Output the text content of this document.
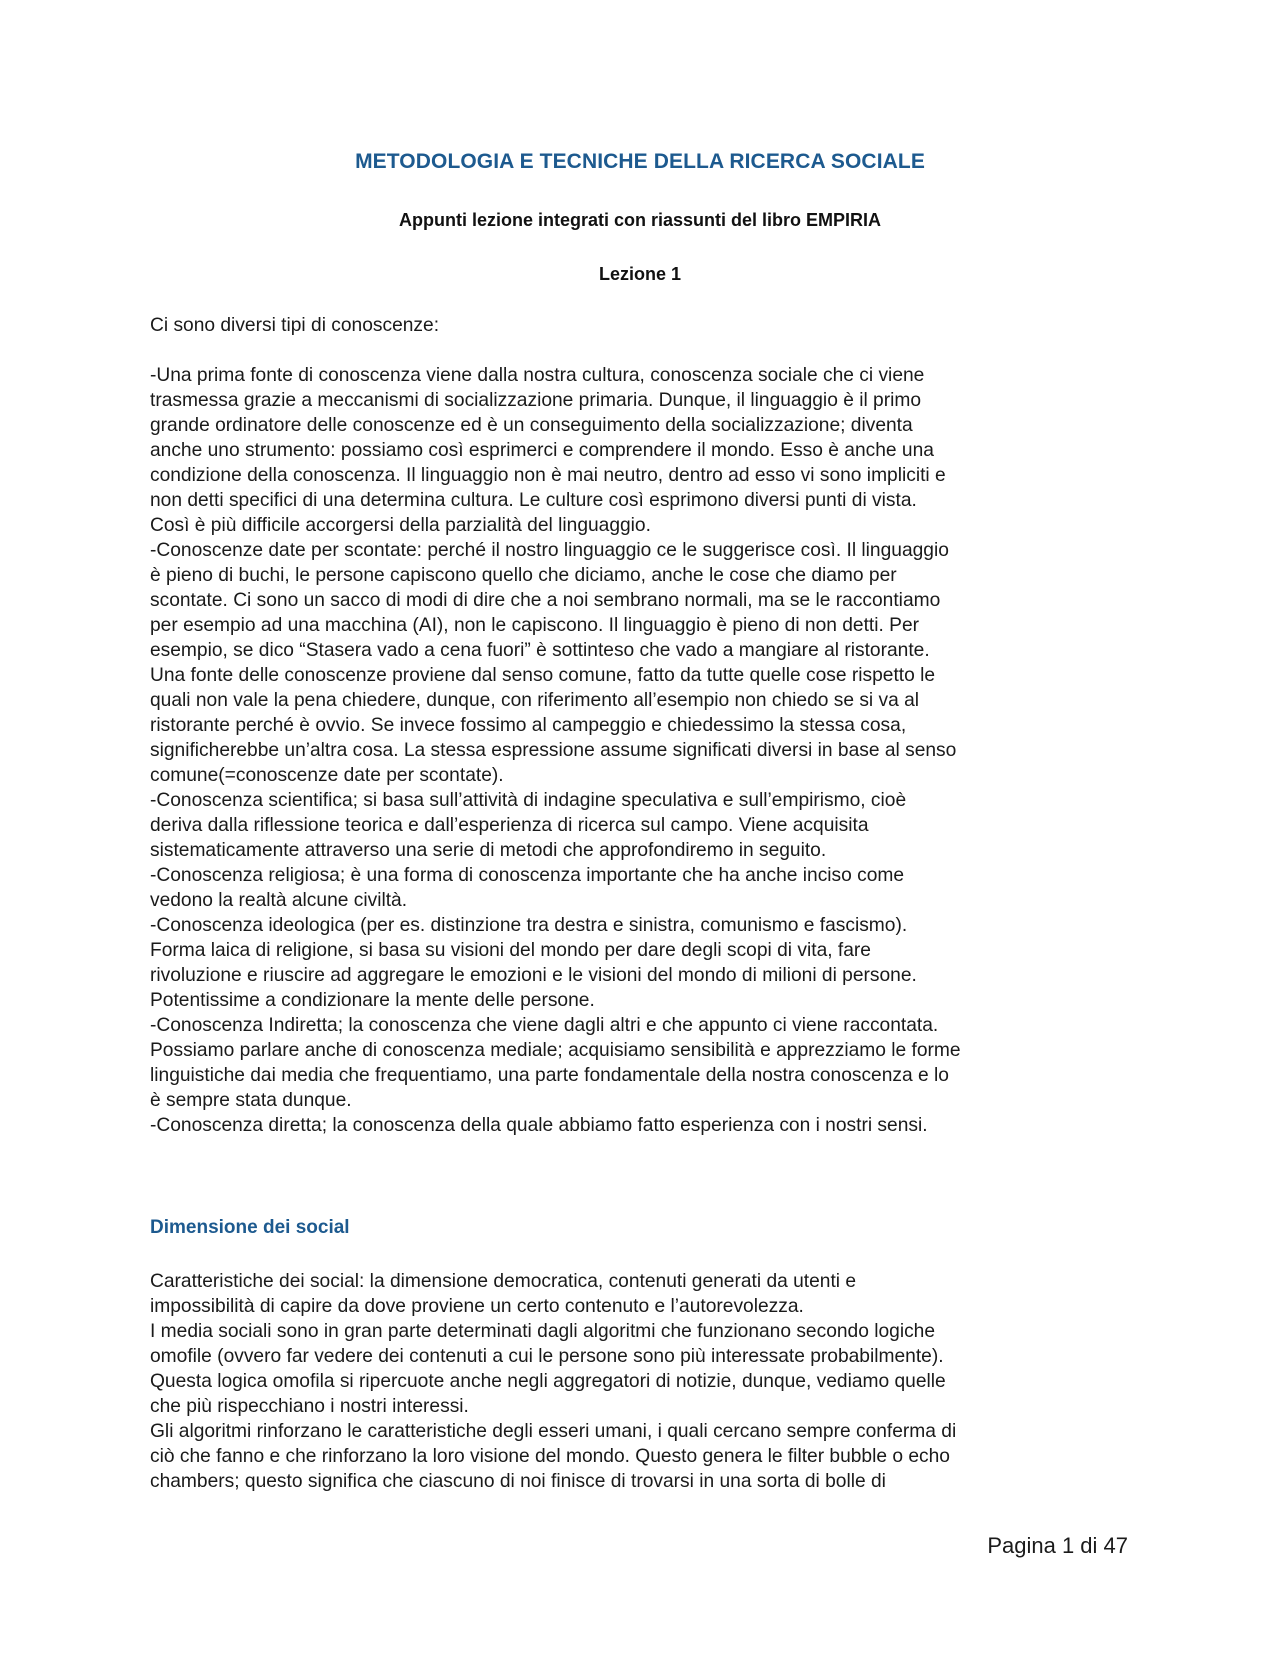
METODOLOGIA E TECNICHE DELLA RICERCA SOCIALE
Appunti lezione integrati con riassunti del libro EMPIRIA
Lezione 1

Ci sono diversi tipi di conoscenze:

-Una prima fonte di conoscenza viene dalla nostra cultura, conoscenza sociale che ci viene

trasmessa grazie a meccanismi di socializzazione primaria. Dunque, il linguaggio è il primo

grande ordinatore delle conoscenze ed è un conseguimento della socializzazione; diventa

anche uno strumento: possiamo così esprimerci e comprendere il mondo. Esso è anche una

condizione della conoscenza. Il linguaggio non è mai neutro, dentro ad esso vi sono impliciti e

non detti specifici di una determina cultura. Le culture così esprimono diversi punti di vista.

Così è più difficile accorgersi della parzialità del linguaggio.

-Conoscenze date per scontate: perché il nostro linguaggio ce le suggerisce così. Il linguaggio

è pieno di buchi, le persone capiscono quello che diciamo, anche le cose che diamo per

scontate. Ci sono un sacco di modi di dire che a noi sembrano normali, ma se le raccontiamo

per esempio ad una macchina (AI), non le capiscono. Il linguaggio è pieno di non detti. Per

esempio, se dico “Stasera vado a cena fuori” è sottinteso che vado a mangiare al ristorante.

Una fonte delle conoscenze proviene dal senso comune, fatto da tutte quelle cose rispetto le

quali non vale la pena chiedere, dunque, con riferimento all’esempio non chiedo se si va al

ristorante perché è ovvio. Se invece fossimo al campeggio e chiedessimo la stessa cosa,

significherebbe un’altra cosa. La stessa espressione assume significati diversi in base al senso

comune(=conoscenze date per scontate).

-Conoscenza scientifica; si basa sull’attività di indagine speculativa e sull’empirismo, cioè

deriva dalla riflessione teorica e dall’esperienza di ricerca sul campo. Viene acquisita

sistematicamente attraverso una serie di metodi che approfondiremo in seguito.

-Conoscenza religiosa; è una forma di conoscenza importante che ha anche inciso come

vedono la realtà alcune civiltà.

-Conoscenza ideologica (per es. distinzione tra destra e sinistra, comunismo e fascismo).

Forma laica di religione, si basa su visioni del mondo per dare degli scopi di vita, fare

rivoluzione e riuscire ad aggregare le emozioni e le visioni del mondo di milioni di persone.

Potentissime a condizionare la mente delle persone.

-Conoscenza Indiretta; la conoscenza che viene dagli altri e che appunto ci viene raccontata.

Possiamo parlare anche di conoscenza mediale; acquisiamo sensibilità e apprezziamo le forme

linguistiche dai media che frequentiamo, una parte fondamentale della nostra conoscenza e lo

è sempre stata dunque.

-Conoscenza diretta; la conoscenza della quale abbiamo fatto esperienza con i nostri sensi.

Dimensione dei social

Caratteristiche dei social: la dimensione democratica, contenuti generati da utenti e

impossibilità di capire da dove proviene un certo contenuto e l’autorevolezza.

I media sociali sono in gran parte determinati dagli algoritmi che funzionano secondo logiche

omofile (ovvero far vedere dei contenuti a cui le persone sono più interessate probabilmente).

Questa logica omofila si ripercuote anche negli aggregatori di notizie, dunque, vediamo quelle

che più rispecchiano i nostri interessi.

Gli algoritmi rinforzano le caratteristiche degli esseri umani, i quali cercano sempre conferma di

ciò che fanno e che rinforzano la loro visione del mondo. Questo genera le filter bubble o echo

chambers; questo significa che ciascuno di noi finisce di trovarsi in una sorta di bolle di

Pagina 1 di 47
